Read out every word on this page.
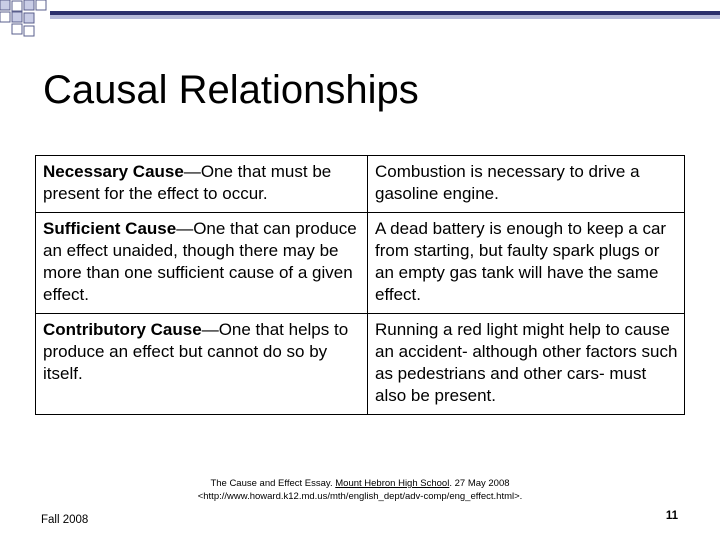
Causal Relationships
Necessary Cause—One that must be present for the effect to occur.	Combustion is necessary to drive a gasoline engine.
Sufficient Cause—One that can produce an effect unaided, though there may be more than one sufficient cause of a given effect.	A dead battery is enough to keep a car from starting, but faulty spark plugs or an empty gas tank will have the same effect.
Contributory Cause—One that helps to produce an effect but cannot do so by itself.	Running a red light might help to cause an accident- although other factors such as pedestrians and other cars- must also be present.
The Cause and Effect Essay. Mount Hebron High School. 27 May 2008
<http://www.howard.k12.md.us/mth/english_dept/adv-comp/eng_effect.html>.
Fall 2008	11
